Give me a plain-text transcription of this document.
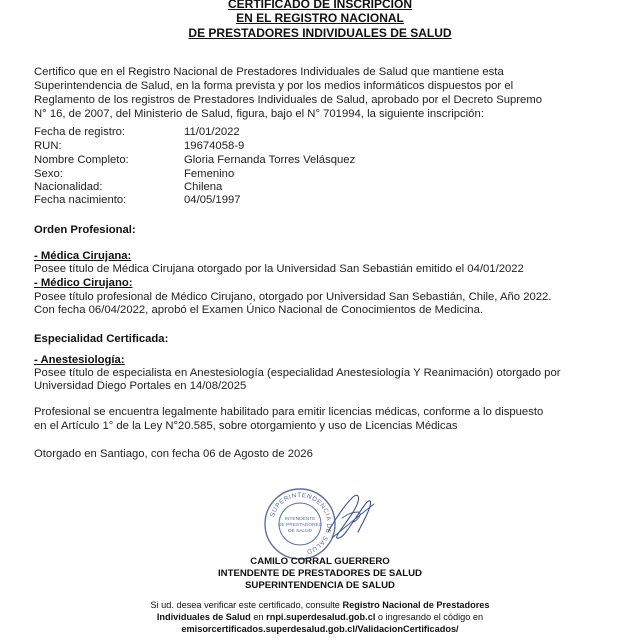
CERTIFICADO DE INSCRIPCION
EN EL REGISTRO NACIONAL
DE PRESTADORES INDIVIDUALES DE SALUD
Certifico que en el Registro Nacional de Prestadores Individuales de Salud que mantiene esta
Superintendencia de Salud, en la forma prevista y por los medios informáticos dispuestos por el
Reglamento de los registros de Prestadores Individuales de Salud, aprobado por el Decreto Supremo
N° 16, de 2007, del Ministerio de Salud, figura, bajo el N° 701994, la siguiente inscripción:
Fecha de registro:	11/01/2022
RUN:	19674058-9
Nombre Completo:	Gloria Fernanda Torres Velásquez
Sexo:	Femenino
Nacionalidad:	Chilena
Fecha nacimiento:	04/05/1997
Orden Profesional:
- Médica Cirujana:
Posee título de Médica Cirujana otorgado por la Universidad San Sebastián emitido el 04/01/2022
- Médico Cirujano:
Posee título profesional de Médico Cirujano, otorgado por Universidad San Sebastián, Chile, Año 2022.
Con fecha 06/04/2022, aprobó el Examen Único Nacional de Conocimientos de Medicina.
Especialidad Certificada:
- Anestesiología:
Posee título de especialista en Anestesiología (especialidad Anestesiología Y Reanimación) otorgado por
Universidad Diego Portales en 14/08/2025
Profesional se encuentra legalmente habilitado para emitir licencias médicas, conforme a lo dispuesto
en el Artículo 1° de la Ley N°20.585, sobre otorgamiento y uso de Licencias Médicas
Otorgado en Santiago, con fecha 06 de Agosto de 2026
SUPERINTENDENCIA DE SALUD
INTENDENTE
DE PRESTADORES
DE SALUD
CAMILO CORRAL GUERRERO
INTENDENTE DE PRESTADORES DE SALUD
SUPERINTENDENCIA DE SALUD
Si ud. desea verificar este certificado, consulte Registro Nacional de Prestadores
Individuales de Salud en rnpi.superdesalud.gob.cl o ingresando el código en
emisorcertificados.superdesalud.gob.cl/ValidacionCertificados/
